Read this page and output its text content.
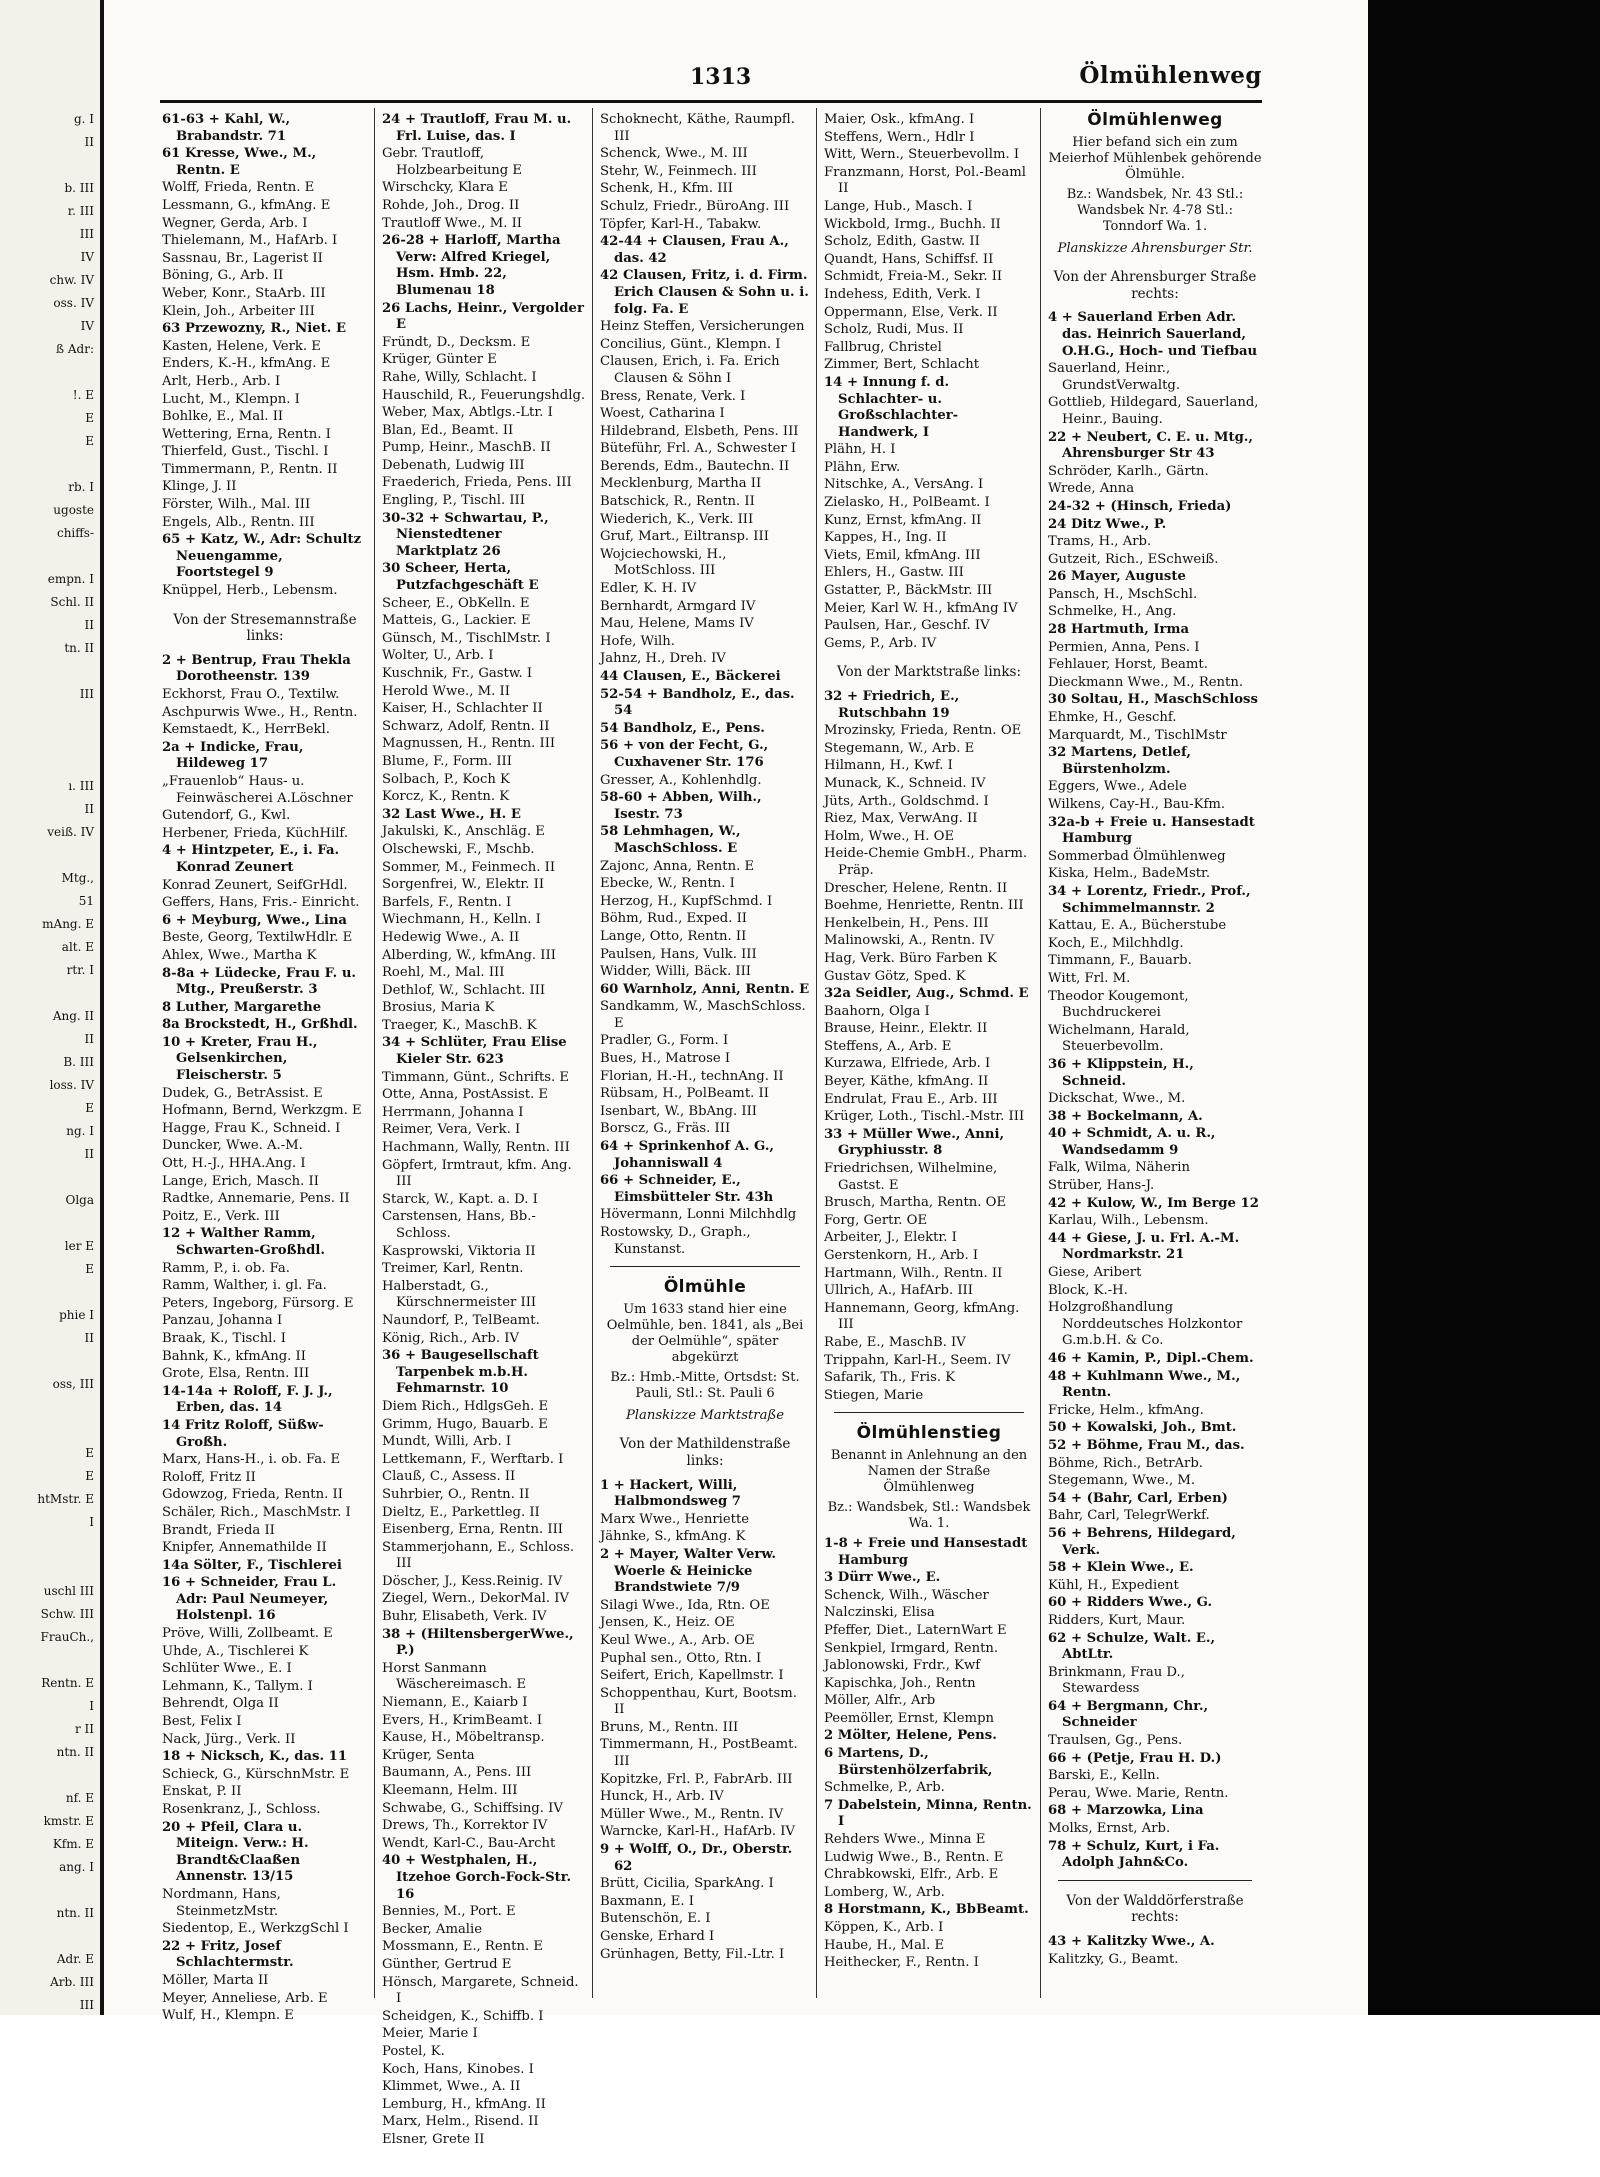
g. I
II

b. III
r. III
III
IV
chw. IV
oss. IV
IV
ß Adr:

!. E
E
E

rb. I
ugoste
chiffs-

empn. I
Schl. II
II
tn. II

III

ı. III
II
veiß. IV

Mtg.,
51
mAng. E
alt. E
rtr. I

Ang. II
II
B. III
loss. IV
E
ng. I
II

Olga

ler E
E

phie I
II

oss, III

E
E
htMstr. E
I

uschl III
Schw. III
FrauCh.,

Rentn. E
I
r II
ntn. II

nf. E
kmstr. E
Kfm. E
ang. I

ntn. II

Adr. E
Arb. III
III
1313	Ölmühlenweg
61-63 + Kahl, W., Brabandstr. 71
61 Kresse, Wwe., M., Rentn. E
Wolff, Frieda, Rentn. E
Lessmann, G., kfmAng. E
Wegner, Gerda, Arb. I
Thielemann, M., HafArb. I
Sassnau, Br., Lagerist II
Böning, G., Arb. II
Weber, Konr., StaArb. III
Klein, Joh., Arbeiter III
63 Przewozny, R., Niet. E
Kasten, Helene, Verk. E
Enders, K.-H., kfmAng. E
Arlt, Herb., Arb. I
Lucht, M., Klempn. I
Bohlke, E., Mal. II
Wettering, Erna, Rentn. I
Thierfeld, Gust., Tischl. I
Timmermann, P., Rentn. II
Klinge, J. II
Förster, Wilh., Mal. III
Engels, Alb., Rentn. III
65 + Katz, W., Adr: Schultz Neuengamme, Foortstegel 9
Knüppel, Herb., Lebensm.
Von der Stresemannstraße links:
2 + Bentrup, Frau Thekla Dorotheenstr. 139
Eckhorst, Frau O., Textilw.
Aschpurwis Wwe., H., Rentn.
Kemstaedt, K., HerrBekl.
2a + Indicke, Frau, Hildeweg 17
„Frauenlob“ Haus- u. Feinwäscherei A.Löschner
Gutendorf, G., Kwl.
Herbener, Frieda, KüchHilf.
4 + Hintzpeter, E., i. Fa. Konrad Zeunert
Konrad Zeunert, SeifGrHdl.
Geffers, Hans, Fris.- Einricht.
6 + Meyburg, Wwe., Lina
Beste, Georg, TextilwHdlr. E
Ahlex, Wwe., Martha K
8-8a + Lüdecke, Frau F. u. Mtg., Preußerstr. 3
8 Luther, Margarethe
8a Brockstedt, H., Grßhdl.
10 + Kreter, Frau H., Gelsenkirchen, Fleischerstr. 5
Dudek, G., BetrAssist. E
Hofmann, Bernd, Werkzgm. E
Hagge, Frau K., Schneid. I
Duncker, Wwe. A.-M.
Ott, H.-J., HHA.Ang. I
Lange, Erich, Masch. II
Radtke, Annemarie, Pens. II
Poitz, E., Verk. III
12 + Walther Ramm, Schwarten-Großhdl.
Ramm, P., i. ob. Fa.
Ramm, Walther, i. gl. Fa.
Peters, Ingeborg, Fürsorg. E
Panzau, Johanna I
Braak, K., Tischl. I
Bahnk, K., kfmAng. II
Grote, Elsa, Rentn. III
14-14a + Roloff, F. J. J., Erben, das. 14
14 Fritz Roloff, Süßw-Großh.
Marx, Hans-H., i. ob. Fa. E
Roloff, Fritz II
Gdowzog, Frieda, Rentn. II
Schäler, Rich., MaschMstr. I
Brandt, Frieda II
Knipfer, Annemathilde II
14a Sölter, F., Tischlerei
16 + Schneider, Frau L. Adr: Paul Neumeyer, Holstenpl. 16
Pröve, Willi, Zollbeamt. E
Uhde, A., Tischlerei K
Schlüter Wwe., E. I
Lehmann, K., Tallym. I
Behrendt, Olga II
Best, Felix I
Nack, Jürg., Verk. II
18 + Nicksch, K., das. 11
Schieck, G., KürschnMstr. E
Enskat, P. II
Rosenkranz, J., Schloss.
20 + Pfeil, Clara u. Miteign. Verw.: H. Brandt&Claaßen Annenstr. 13/15
Nordmann, Hans, SteinmetzMstr.
Siedentop, E., WerkzgSchl I
22 + Fritz, Josef Schlachtermstr.
Möller, Marta II
Meyer, Anneliese, Arb. E
Wulf, H., Klempn. E
24 + Trautloff, Frau M. u. Frl. Luise, das. I
Gebr. Trautloff, Holzbearbeitung E
Wirschcky, Klara E
Rohde, Joh., Drog. II
Trautloff Wwe., M. II
26-28 + Harloff, Martha Verw: Alfred Kriegel, Hsm. Hmb. 22, Blumenau 18
26 Lachs, Heinr., Vergolder E
Fründt, D., Decksm. E
Krüger, Günter E
Rahe, Willy, Schlacht. I
Hauschild, R., Feuerungshdlg.
Weber, Max, Abtlgs.-Ltr. I
Blan, Ed., Beamt. II
Pump, Heinr., MaschB. II
Debenath, Ludwig III
Fraederich, Frieda, Pens. III
Engling, P., Tischl. III
30-32 + Schwartau, P., Nienstedtener Marktplatz 26
30 Scheer, Herta, Putzfachgeschäft E
Scheer, E., ObKelln. E
Matteis, G., Lackier. E
Günsch, M., TischlMstr. I
Wolter, U., Arb. I
Kuschnik, Fr., Gastw. I
Herold Wwe., M. II
Kaiser, H., Schlachter II
Schwarz, Adolf, Rentn. II
Magnussen, H., Rentn. III
Blume, F., Form. III
Solbach, P., Koch K
Korcz, K., Rentn. K
32 Last Wwe., H. E
Jakulski, K., Anschläg. E
Olschewski, F., Mschb.
Sommer, M., Feinmech. II
Sorgenfrei, W., Elektr. II
Barfels, F., Rentn. I
Wiechmann, H., Kelln. I
Hedewig Wwe., A. II
Alberding, W., kfmAng. III
Roehl, M., Mal. III
Dethlof, W., Schlacht. III
Brosius, Maria K
Traeger, K., MaschB. K
34 + Schlüter, Frau Elise Kieler Str. 623
Timmann, Günt., Schrifts. E
Otte, Anna, PostAssist. E
Herrmann, Johanna I
Reimer, Vera, Verk. I
Hachmann, Wally, Rentn. III
Göpfert, Irmtraut, kfm. Ang. III
Starck, W., Kapt. a. D. I
Carstensen, Hans, Bb.- Schloss.
Kasprowski, Viktoria II
Treimer, Karl, Rentn.
Halberstadt, G., Kürschnermeister III
Naundorf, P., TelBeamt.
König, Rich., Arb. IV
36 + Baugesellschaft Tarpenbek m.b.H. Fehmarnstr. 10
Diem Rich., HdlgsGeh. E
Grimm, Hugo, Bauarb. E
Mundt, Willi, Arb. I
Lettkemann, F., Werftarb. I
Clauß, C., Assess. II
Suhrbier, O., Rentn. II
Dieltz, E., Parkettleg. II
Eisenberg, Erna, Rentn. III
Stammerjohann, E., Schloss. III
Döscher, J., Kess.Reinig. IV
Ziegel, Wern., DekorMal. IV
Buhr, Elisabeth, Verk. IV
38 + (HiltensbergerWwe., P.)
Horst Sanmann Wäschereimasch. E
Niemann, E., Kaiarb I
Evers, H., KrimBeamt. I
Kause, H., Möbeltransp.
Krüger, Senta
Baumann, A., Pens. III
Kleemann, Helm. III
Schwabe, G., Schiffsing. IV
Drews, Th., Korrektor IV
Wendt, Karl-C., Bau-Archt
40 + Westphalen, H., Itzehoe Gorch-Fock-Str. 16
Bennies, M., Port. E
Becker, Amalie
Mossmann, E., Rentn. E
Günther, Gertrud E
Hönsch, Margarete, Schneid. I
Scheidgen, K., Schiffb. I
Meier, Marie I
Postel, K.
Koch, Hans, Kinobes. I
Klimmet, Wwe., A. II
Lemburg, H., kfmAng. II
Marx, Helm., Risend. II
Elsner, Grete II
Schoknecht, Käthe, Raumpfl. III
Schenck, Wwe., M. III
Stehr, W., Feinmech. III
Schenk, H., Kfm. III
Schulz, Friedr., BüroAng. III
Töpfer, Karl-H., Tabakw.
42-44 + Clausen, Frau A., das. 42
42 Clausen, Fritz, i. d. Firm. Erich Clausen & Sohn u. i. folg. Fa. E
Heinz Steffen, Versicherungen
Concilius, Günt., Klempn. I
Clausen, Erich, i. Fa. Erich Clausen & Söhn I
Bress, Renate, Verk. I
Woest, Catharina I
Hildebrand, Elsbeth, Pens. III
Büteführ, Frl. A., Schwester I
Berends, Edm., Bautechn. II
Mecklenburg, Martha II
Batschick, R., Rentn. II
Wiederich, K., Verk. III
Gruf, Mart., Eiltransp. III
Wojciechowski, H., MotSchloss. III
Edler, K. H. IV
Bernhardt, Armgard IV
Mau, Helene, Mams IV
Hofe, Wilh.
Jahnz, H., Dreh. IV
44 Clausen, E., Bäckerei
52-54 + Bandholz, E., das. 54
54 Bandholz, E., Pens.
56 + von der Fecht, G., Cuxhavener Str. 176
Gresser, A., Kohlenhdlg.
58-60 + Abben, Wilh., Isestr. 73
58 Lehmhagen, W., MaschSchloss. E
Zajonc, Anna, Rentn. E
Ebecke, W., Rentn. I
Herzog, H., KupfSchmd. I
Böhm, Rud., Exped. II
Lange, Otto, Rentn. II
Paulsen, Hans, Vulk. III
Widder, Willi, Bäck. III
60 Warnholz, Anni, Rentn. E
Sandkamm, W., MaschSchloss. E
Pradler, G., Form. I
Bues, H., Matrose I
Florian, H.-H., technAng. II
Rübsam, H., PolBeamt. II
Isenbart, W., BbAng. III
Borscz, G., Fräs. III
64 + Sprinkenhof A. G., Johanniswall 4
66 + Schneider, E., Eimsbütteler Str. 43h
Hövermann, Lonni Milchhdlg
Rostowsky, D., Graph., Kunstanst.
Ölmühle
Um 1633 stand hier eine Oelmühle, ben. 1841, als „Bei der Oelmühle“, später abgekürzt
Bz.: Hmb.-Mitte, Ortsdst: St. Pauli, Stl.: St. Pauli 6
Planskizze Marktstraße
Von der Mathildenstraße links:
1 + Hackert, Willi, Halbmondsweg 7
Marx Wwe., Henriette
Jähnke, S., kfmAng. K
2 + Mayer, Walter Verw. Woerle & Heinicke Brandstwiete 7/9
Silagi Wwe., Ida, Rtn. OE
Jensen, K., Heiz. OE
Keul Wwe., A., Arb. OE
Puphal sen., Otto, Rtn. I
Seifert, Erich, Kapellmstr. I
Schoppenthau, Kurt, Bootsm. II
Bruns, M., Rentn. III
Timmermann, H., PostBeamt. III
Kopitzke, Frl. P., FabrArb. III
Hunck, H., Arb. IV
Müller Wwe., M., Rentn. IV
Warncke, Karl-H., HafArb. IV
9 + Wolff, O., Dr., Oberstr. 62
Brütt, Cicilia, SparkAng. I
Baxmann, E. I
Butenschön, E. I
Genske, Erhard I
Grünhagen, Betty, Fil.-Ltr. I
Maier, Osk., kfmAng. I
Steffens, Wern., Hdlr I
Witt, Wern., Steuerbevollm. I
Franzmann, Horst, Pol.-Beaml II
Lange, Hub., Masch. I
Wickbold, Irmg., Buchh. II
Scholz, Edith, Gastw. II
Quandt, Hans, Schiffsf. II
Schmidt, Freia-M., Sekr. II
Indehess, Edith, Verk. I
Oppermann, Else, Verk. II
Scholz, Rudi, Mus. II
Fallbrug, Christel
Zimmer, Bert, Schlacht
14 + Innung f. d. Schlachter- u. Großschlachter-Handwerk, I
Plähn, H. I
Plähn, Erw.
Nitschke, A., VersAng. I
Zielasko, H., PolBeamt. I
Kunz, Ernst, kfmAng. II
Kappes, H., Ing. II
Viets, Emil, kfmAng. III
Ehlers, H., Gastw. III
Gstatter, P., BäckMstr. III
Meier, Karl W. H., kfmAng IV
Paulsen, Har., Geschf. IV
Gems, P., Arb. IV
Von der Marktstraße links:
32 + Friedrich, E., Rutschbahn 19
Mrozinsky, Frieda, Rentn. OE
Stegemann, W., Arb. E
Hilmann, H., Kwf. I
Munack, K., Schneid. IV
Jüts, Arth., Goldschmd. I
Riez, Max, VerwAng. II
Holm, Wwe., H. OE
Heide-Chemie GmbH., Pharm. Präp.
Drescher, Helene, Rentn. II
Boehme, Henriette, Rentn. III
Henkelbein, H., Pens. III
Malinowski, A., Rentn. IV
Hag, Verk. Büro Farben K
Gustav Götz, Sped. K
32a Seidler, Aug., Schmd. E
Baahorn, Olga I
Brause, Heinr., Elektr. II
Steffens, A., Arb. E
Kurzawa, Elfriede, Arb. I
Beyer, Käthe, kfmAng. II
Endrulat, Frau E., Arb. III
Krüger, Loth., Tischl.-Mstr. III
33 + Müller Wwe., Anni, Gryphiusstr. 8
Friedrichsen, Wilhelmine, Gastst. E
Brusch, Martha, Rentn. OE
Forg, Gertr. OE
Arbeiter, J., Elektr. I
Gerstenkorn, H., Arb. I
Hartmann, Wilh., Rentn. II
Ullrich, A., HafArb. III
Hannemann, Georg, kfmAng. III
Rabe, E., MaschB. IV
Trippahn, Karl-H., Seem. IV
Safarik, Th., Fris. K
Stiegen, Marie
Ölmühlenstieg
Benannt in Anlehnung an den Namen der Straße Ölmühlenweg
Bz.: Wandsbek, Stl.: Wandsbek Wa. 1.
1-8 + Freie und Hansestadt Hamburg
3 Dürr Wwe., E.
Schenck, Wilh., Wäscher
Nalczinski, Elisa
Pfeffer, Diet., LaternWart E
Senkpiel, Irmgard, Rentn.
Jablonowski, Frdr., Kwf
Kapischka, Joh., Rentn
Möller, Alfr., Arb
Peemöller, Ernst, Klempn
2 Mölter, Helene, Pens.
6 Martens, D., Bürstenhölzerfabrik,
Schmelke, P., Arb.
7 Dabelstein, Minna, Rentn. I
Rehders Wwe., Minna E
Ludwig Wwe., B., Rentn. E
Chrabkowski, Elfr., Arb. E
Lomberg, W., Arb.
8 Horstmann, K., BbBeamt.
Köppen, K., Arb. I
Haube, H., Mal. E
Heithecker, F., Rentn. I
Ölmühlenweg
Hier befand sich ein zum Meierhof Mühlenbek gehörende Ölmühle.
Bz.: Wandsbek, Nr. 43 Stl.: Wandsbek Nr. 4-78 Stl.: Tonndorf Wa. 1.
Planskizze Ahrensburger Str.
Von der Ahrensburger Straße rechts:
4 + Sauerland Erben Adr. das. Heinrich Sauerland, O.H.G., Hoch- und Tiefbau
Sauerland, Heinr., GrundstVerwaltg.
Gottlieb, Hildegard, Sauerland, Heinr., Bauing.
22 + Neubert, C. E. u. Mtg., Ahrensburger Str 43
Schröder, Karlh., Gärtn.
Wrede, Anna
24-32 + (Hinsch, Frieda)
24 Ditz Wwe., P.
Trams, H., Arb.
Gutzeit, Rich., ESchweiß.
26 Mayer, Auguste
Pansch, H., MschSchl.
Schmelke, H., Ang.
28 Hartmuth, Irma
Permien, Anna, Pens. I
Fehlauer, Horst, Beamt.
Dieckmann Wwe., M., Rentn.
30 Soltau, H., MaschSchloss
Ehmke, H., Geschf.
Marquardt, M., TischlMstr
32 Martens, Detlef, Bürstenholzm.
Eggers, Wwe., Adele
Wilkens, Cay-H., Bau-Kfm.
32a-b + Freie u. Hansestadt Hamburg
Sommerbad Ölmühlenweg
Kiska, Helm., BadeMstr.
34 + Lorentz, Friedr., Prof., Schimmelmannstr. 2
Kattau, E. A., Bücherstube
Koch, E., Milchhdlg.
Timmann, F., Bauarb.
Witt, Frl. M.
Theodor Kougemont, Buchdruckerei
Wichelmann, Harald, Steuerbevollm.
36 + Klippstein, H., Schneid.
Dickschat, Wwe., M.
38 + Bockelmann, A.
40 + Schmidt, A. u. R., Wandsedamm 9
Falk, Wilma, Näherin
Strüber, Hans-J.
42 + Kulow, W., Im Berge 12
Karlau, Wilh., Lebensm.
44 + Giese, J. u. Frl. A.-M. Nordmarkstr. 21
Giese, Aribert
Block, K.-H.
Holzgroßhandlung Norddeutsches Holzkontor G.m.b.H. & Co.
46 + Kamin, P., Dipl.-Chem.
48 + Kuhlmann Wwe., M., Rentn.
Fricke, Helm., kfmAng.
50 + Kowalski, Joh., Bmt.
52 + Böhme, Frau M., das.
Böhme, Rich., BetrArb.
Stegemann, Wwe., M.
54 + (Bahr, Carl, Erben)
Bahr, Carl, TelegrWerkf.
56 + Behrens, Hildegard, Verk.
58 + Klein Wwe., E.
Kühl, H., Expedient
60 + Ridders Wwe., G.
Ridders, Kurt, Maur.
62 + Schulze, Walt. E., AbtLtr.
Brinkmann, Frau D., Stewardess
64 + Bergmann, Chr., Schneider
Traulsen, Gg., Pens.
66 + (Petje, Frau H. D.)
Barski, E., Kelln.
Perau, Wwe. Marie, Rentn.
68 + Marzowka, Lina
Molks, Ernst, Arb.
78 + Schulz, Kurt, i Fa. Adolph Jahn&Co.
Von der Walddörferstraße rechts:
43 + Kalitzky Wwe., A.
Kalitzky, G., Beamt.
